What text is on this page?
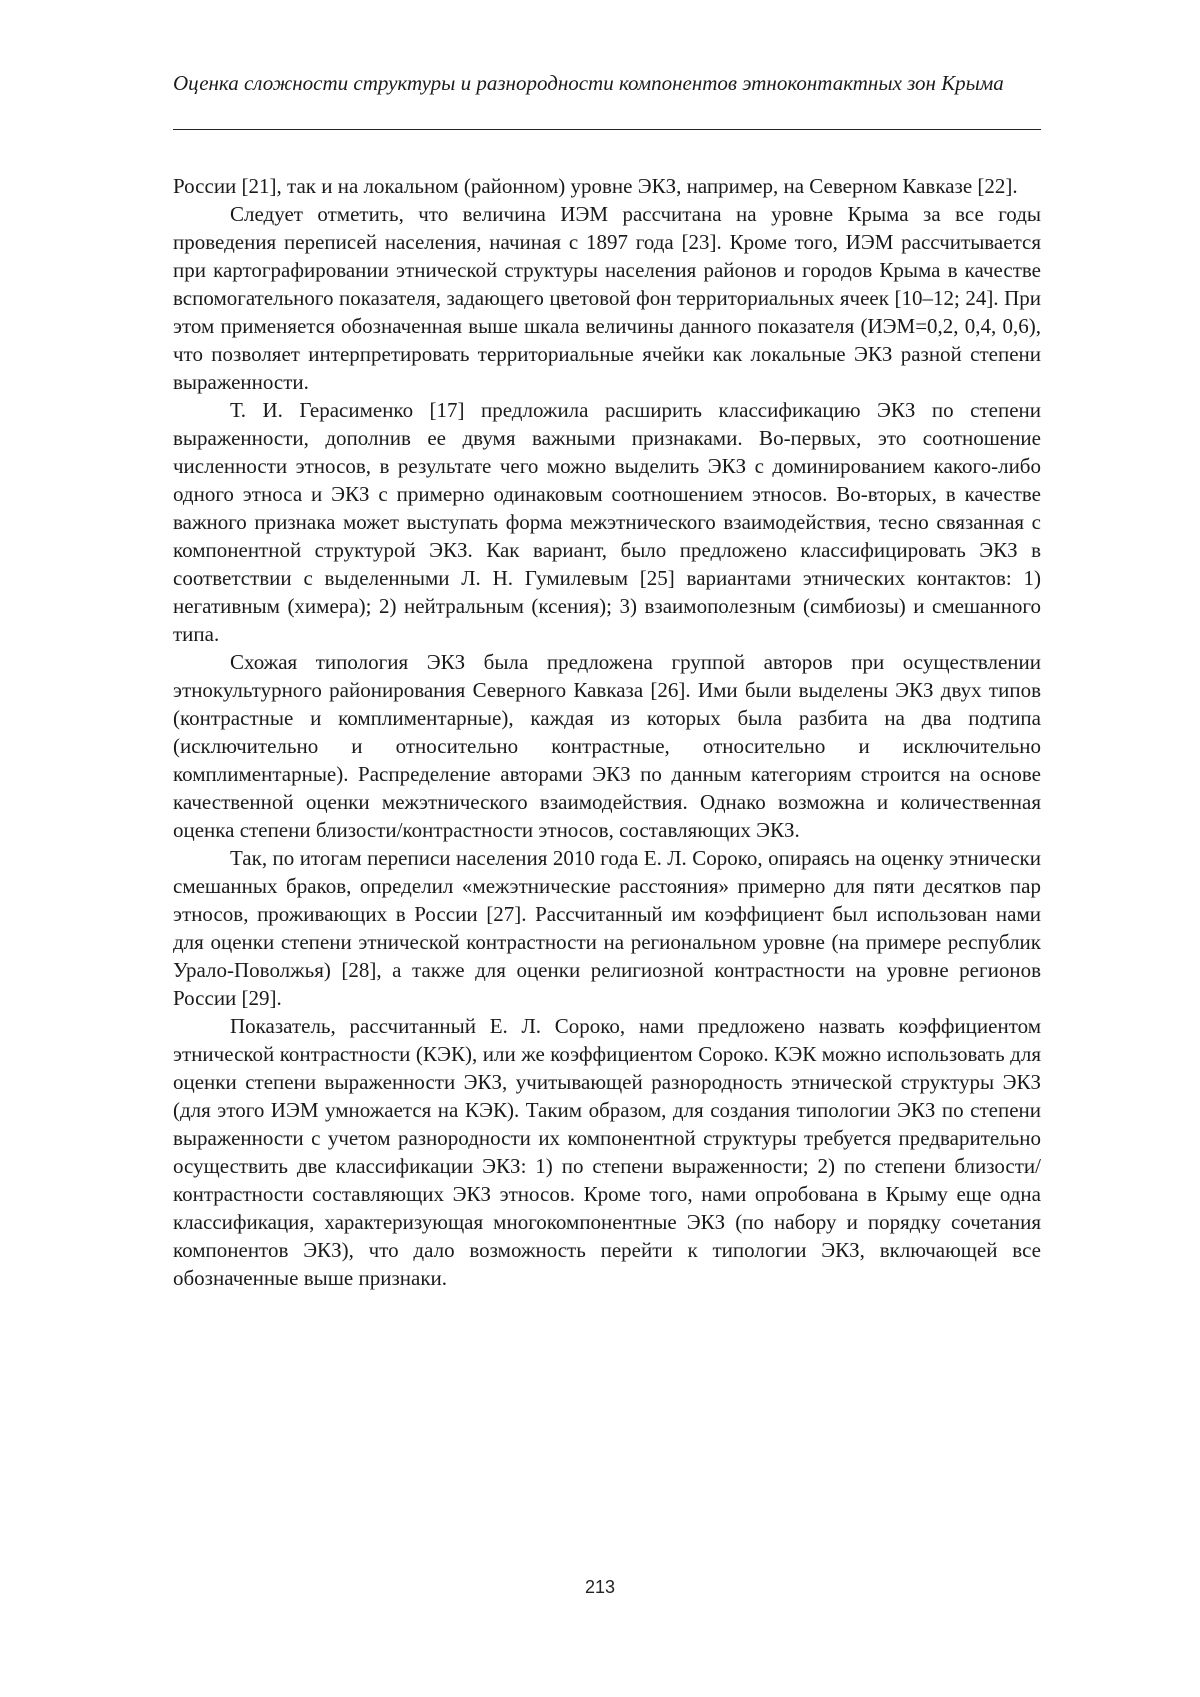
Оценка сложности структуры и разнородности компонентов этноконтактных зон Крыма

России [21], так и на локальном (районном) уровне ЭКЗ, например, на Северном Кавказе [22].

Следует отметить, что величина ИЭМ рассчитана на уровне Крыма за все годы проведения переписей населения, начиная с 1897 года [23]. Кроме того, ИЭМ рассчитывается при картографировании этнической структуры населения районов и городов Крыма в качестве вспомогательного показателя, задающего цветовой фон территориальных ячеек [10–12; 24]. При этом применяется обозначенная выше шкала величины данного показателя (ИЭМ=0,2, 0,4, 0,6), что позволяет интерпретировать территориальные ячейки как локальные ЭКЗ разной степени выраженности.

Т. И. Герасименко [17] предложила расширить классификацию ЭКЗ по степени выраженности, дополнив ее двумя важными признаками. Во-первых, это соотношение численности этносов, в результате чего можно выделить ЭКЗ с доминированием какого-либо одного этноса и ЭКЗ с примерно одинаковым соотношением этносов. Во-вторых, в качестве важного признака может выступать форма межэтнического взаимодействия, тесно связанная с компонентной структурой ЭКЗ. Как вариант, было предложено классифицировать ЭКЗ в соответствии с выделенными Л. Н. Гумилевым [25] вариантами этнических контактов: 1) негативным (химера); 2) нейтральным (ксения); 3) взаимополезным (симбиозы) и смешанного типа.

Схожая типология ЭКЗ была предложена группой авторов при осуществлении этнокультурного районирования Северного Кавказа [26]. Ими были выделены ЭКЗ двух типов (контрастные и комплиментарные), каждая из которых была разбита на два подтипа (исключительно и относительно контрастные, относительно и исключительно комплиментарные). Распределение авторами ЭКЗ по данным категориям строится на основе качественной оценки межэтнического взаимодействия. Однако возможна и количественная оценка степени близости/контрастности этносов, составляющих ЭКЗ.

Так, по итогам переписи населения 2010 года Е. Л. Сороко, опираясь на оценку этнически смешанных браков, определил «межэтнические расстояния» примерно для пяти десятков пар этносов, проживающих в России [27]. Рассчитанный им коэффициент был использован нами для оценки степени этнической контрастности на региональном уровне (на примере республик Урало-Поволжья) [28], а также для оценки религиозной контрастности на уровне регионов России [29].

Показатель, рассчитанный Е. Л. Сороко, нами предложено назвать коэффициентом этнической контрастности (КЭК), или же коэффициентом Сороко. КЭК можно использовать для оценки степени выраженности ЭКЗ, учитывающей разнородность этнической структуры ЭКЗ (для этого ИЭМ умножается на КЭК). Таким образом, для создания типологии ЭКЗ по степени выраженности с учетом разнородности их компонентной структуры требуется предварительно осуществить две классификации ЭКЗ: 1) по степени выраженности; 2) по степени близости/контрастности составляющих ЭКЗ этносов. Кроме того, нами опробована в Крыму еще одна классификация, характеризующая многокомпонентные ЭКЗ (по набору и порядку сочетания компонентов ЭКЗ), что дало возможность перейти к типологии ЭКЗ, включающей все обозначенные выше признаки.

213
